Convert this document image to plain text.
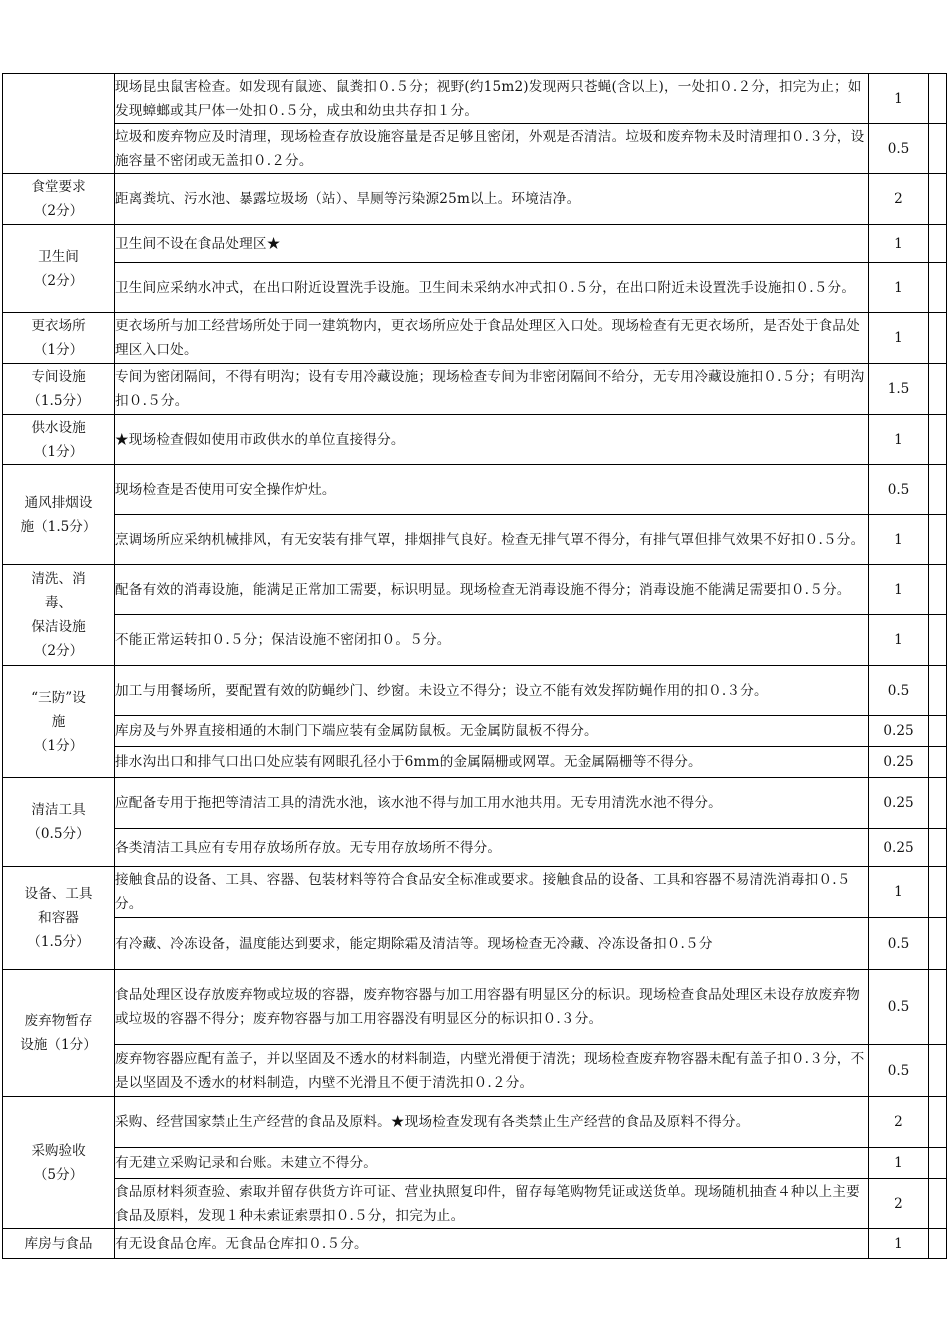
	现场昆虫鼠害检查。如发现有鼠迹、鼠粪扣０.５分；视野(约15m2)发现两只苍蝇(含以上)，一处扣０.２分，扣完为止；如发现蟑螂或其尸体一处扣０.５分，成虫和幼虫共存扣１分。	1	
	垃圾和废弃物应及时清理，现场检查存放设施容量是否足够且密闭，外观是否清洁。垃圾和废弃物未及时清理扣０.３分，设施容量不密闭或无盖扣０.２分。	0.5	

食堂要求
（2分）	距离粪坑、污水池、暴露垃圾场（站）、旱厕等污染源25m以上。环境洁净。	2	

卫生间
（2分）	卫生间不设在食品处理区★	1	
	卫生间应采纳水冲式，在出口附近设置洗手设施。卫生间未采纳水冲式扣０.５分，在出口附近未设置洗手设施扣０.５分。	1	

更衣场所
（1分）	更衣场所与加工经营场所处于同一建筑物内，更衣场所应处于食品处理区入口处。现场检查有无更衣场所，是否处于食品处理区入口处。	1	

专间设施
（1.5分）	专间为密闭隔间，不得有明沟；设有专用冷藏设施；现场检查专间为非密闭隔间不给分，无专用冷藏设施扣０.５分；有明沟扣０.５分。	1.5	

供水设施
（1分）	★现场检查假如使用市政供水的单位直接得分。	1	

通风排烟设
施（1.5分）	现场检查是否使用可安全操作炉灶。	0.5	
	烹调场所应采纳机械排风，有无安装有排气罩，排烟排气良好。检查无排气罩不得分，有排气罩但排气效果不好扣０.５分。	1	

清洗、消
毒、
保洁设施
（2分）	配备有效的消毒设施，能满足正常加工需要，标识明显。现场检查无消毒设施不得分；消毒设施不能满足需要扣０.５分。	1	
	不能正常运转扣０.５分；保洁设施不密闭扣０。５分。	1	

“三防”设
施
（1分）	加工与用餐场所，要配置有效的防蝇纱门、纱窗。未设立不得分；设立不能有效发挥防蝇作用的扣０.３分。	0.5	
	库房及与外界直接相通的木制门下端应装有金属防鼠板。无金属防鼠板不得分。	0.25	
	排水沟出口和排气口出口处应装有网眼孔径小于6mm的金属隔栅或网罩。无金属隔栅等不得分。	0.25	

清洁工具
（0.5分）	应配备专用于拖把等清洁工具的清洗水池，该水池不得与加工用水池共用。无专用清洗水池不得分。	0.25	
	各类清洁工具应有专用存放场所存放。无专用存放场所不得分。	0.25	

设备、工具
和容器
（1.5分）	接触食品的设备、工具、容器、包装材料等符合食品安全标准或要求。接触食品的设备、工具和容器不易清洗消毒扣０.５ 分。	1	
	有冷藏、冷冻设备，温度能达到要求，能定期除霜及清洁等。现场检查无冷藏、冷冻设备扣０.５分	0.5	

废弃物暂存
设施（1分）	食品处理区设存放废弃物或垃圾的容器，废弃物容器与加工用容器有明显区分的标识。现场检查食品处理区未设存放废弃物或垃圾的容器不得分；废弃物容器与加工用容器没有明显区分的标识扣０.３分。	0.5	
	废弃物容器应配有盖子，并以坚固及不透水的材料制造，内壁光滑便于清洗；现场检查废弃物容器未配有盖子扣０.３分，不是以坚固及不透水的材料制造，内壁不光滑且不便于清洗扣０.２分。	0.5	

采购验收
（5分）	采购、经营国家禁止生产经营的食品及原料。★现场检查发现有各类禁止生产经营的食品及原料不得分。	2	
	有无建立采购记录和台账。未建立不得分。	1	
	食品原材料须查验、索取并留存供货方许可证、营业执照复印件，留存每笔购物凭证或送货单。现场随机抽查４种以上主要食品及原料，发现１种未索证索票扣０.５分，扣完为止。	2	

库房与食品	有无设食品仓库。无食品仓库扣０.５分。	1	
